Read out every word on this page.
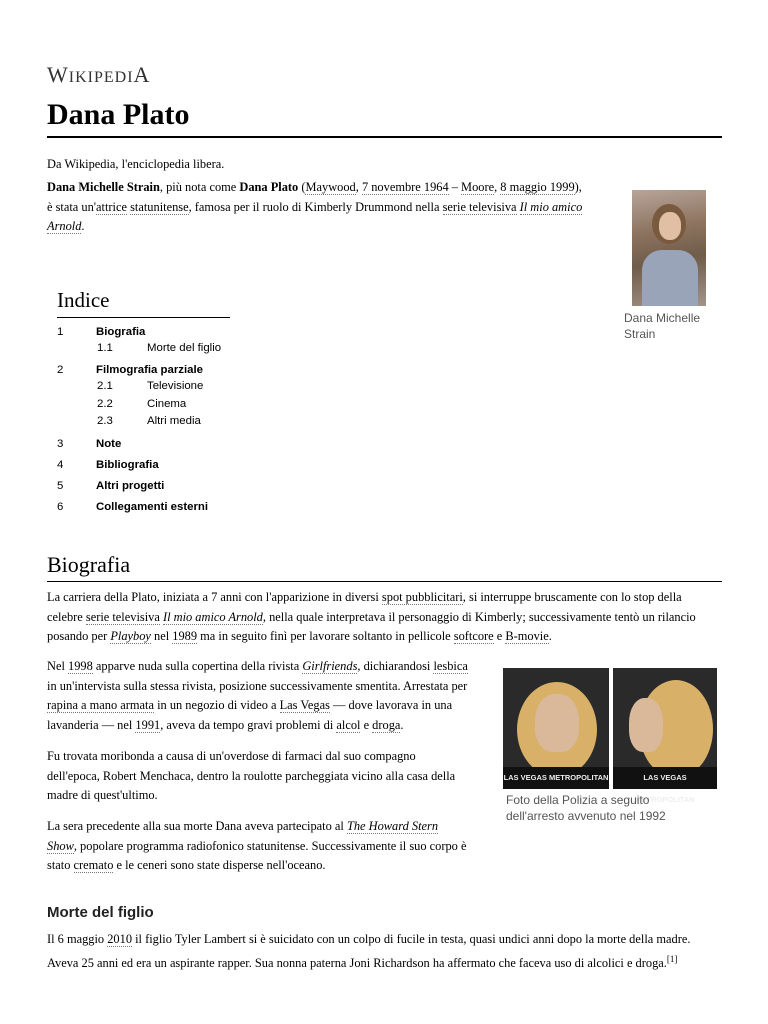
WIKIPEDIA
Dana Plato
Da Wikipedia, l'enciclopedia libera.
Dana Michelle Strain, più nota come Dana Plato (Maywood, 7 novembre 1964 – Moore, 8 maggio 1999),
è stata un'attrice statunitense, famosa per il ruolo di Kimberly Drummond nella serie televisiva Il mio amico
Arnold.
Dana Michelle Strain
Indice
1	Biografia
1.1	Morte del figlio
2	Filmografia parziale
2.1	Televisione
2.2	Cinema
2.3	Altri media
3	Note
4	Bibliografia
5	Altri progetti
6	Collegamenti esterni
Biografia
La carriera della Plato, iniziata a 7 anni con l'apparizione in diversi spot pubblicitari, si interruppe bruscamente con lo stop della
celebre serie televisiva Il mio amico Arnold, nella quale interpretava il personaggio di Kimberly; successivamente tentò un rilancio
posando per Playboy nel 1989 ma in seguito finì per lavorare soltanto in pellicole softcore e B-movie.
Nel 1998 apparve nuda sulla copertina della rivista Girlfriends, dichiarandosi lesbica
in un'intervista sulla stessa rivista, posizione successivamente smentita. Arrestata per
rapina a mano armata in un negozio di video a Las Vegas — dove lavorava in una
lavanderia — nel 1991, aveva da tempo gravi problemi di alcol e droga.
Fu trovata moribonda a causa di un'overdose di farmaci dal suo compagno
dell'epoca, Robert Menchaca, dentro la roulotte parcheggiata vicino alla casa della
madre di quest'ultimo.
La sera precedente alla sua morte Dana aveva partecipato al The Howard Stern
Show, popolare programma radiofonico statunitense. Successivamente il suo corpo è
stato cremato e le ceneri sono state disperse nell'oceano.
LAS VEGAS METROPOLITAN	LAS VEGAS METROPOLITAN
Foto della Polizia a seguito
dell'arresto avvenuto nel 1992
Morte del figlio
Il 6 maggio 2010 il figlio Tyler Lambert si è suicidato con un colpo di fucile in testa, quasi undici anni dopo la morte della madre.
Aveva 25 anni ed era un aspirante rapper. Sua nonna paterna Joni Richardson ha affermato che faceva uso di alcolici e droga.[1]
